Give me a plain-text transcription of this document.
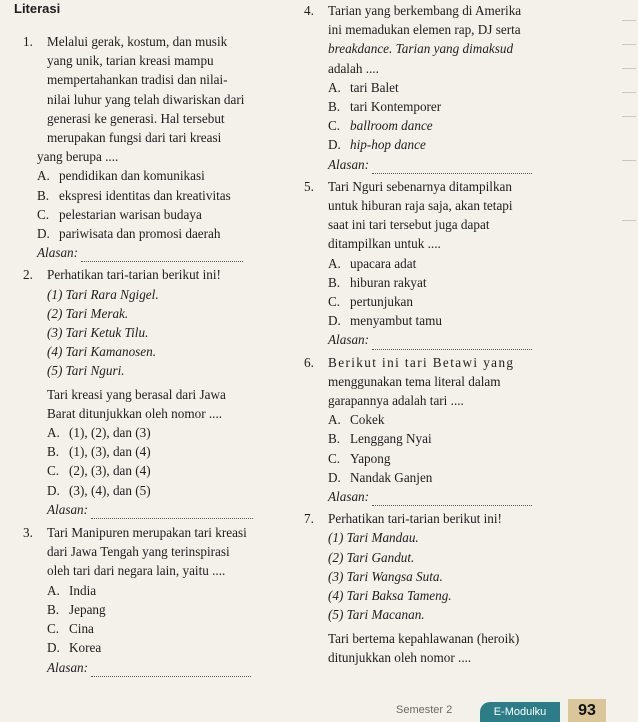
Literasi
1. Melalui gerak, kostum, dan musik

yang unik, tarian kreasi mampu

mempertahankan tradisi dan nilai-

nilai luhur yang telah diwariskan dari

generasi ke generasi. Hal tersebut

merupakan fungsi dari tari kreasi

yang berupa ....

A. pendidikan dan komunikasi
B. ekspresi identitas dan kreativitas
C. pelestarian warisan budaya
D. pariwisata dan promosi daerah
Alasan:
2. Perhatikan tari-tarian berikut ini!

(1) Tari Rara Ngigel.

(2) Tari Merak.

(3) Tari Ketuk Tilu.

(4) Tari Kamanosen.

(5) Tari Nguri.

Tari kreasi yang berasal dari Jawa

Barat ditunjukkan oleh nomor ....

A. (1), (2), dan (3)
B. (1), (3), dan (4)
C. (2), (3), dan (4)
D. (3), (4), dan (5)
Alasan:
3. Tari Manipuren merupakan tari kreasi

dari Jawa Tengah yang terinspirasi

oleh tari dari negara lain, yaitu ....

A. India
B. Jepang
C. Cina
D. Korea
Alasan:
4. Tarian yang berkembang di Amerika

ini memadukan elemen rap, DJ serta

breakdance. Tarian yang dimaksud

adalah ....

A. tari Balet
B. tari Kontemporer
C. ballroom dance
D. hip-hop dance
Alasan:
5. Tari Nguri sebenarnya ditampilkan

untuk hiburan raja saja, akan tetapi

saat ini tari tersebut juga dapat

ditampilkan untuk ....

A. upacara adat
B. hiburan rakyat
C. pertunjukan
D. menyambut tamu
Alasan:
6. Berikut ini tari Betawi yang

menggunakan tema literal dalam

garapannya adalah tari ....

A. Cokek
B. Lenggang Nyai
C. Yapong
D. Nandak Ganjen
Alasan:
7. Perhatikan tari-tarian berikut ini!

(1) Tari Mandau.

(2) Tari Gandut.

(3) Tari Wangsa Suta.

(4) Tari Baksa Tameng.

(5) Tari Macanan.

Tari bertema kepahlawanan (heroik)

ditunjukkan oleh nomor ....

Semester 2	E-Modulku	93
